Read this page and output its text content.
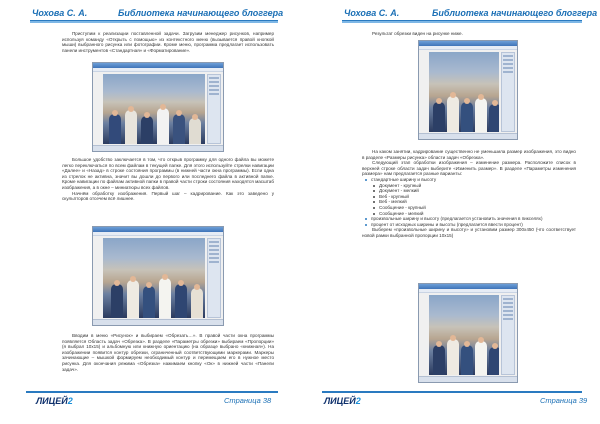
Чохова С. А.	Библиотека начинающего блоггера

Приступим к реализации поставленной задачи. Загрузим менеджер рисунков, например используя команду «Открыть с помощью» из контекстного меню (вызывается правой кнопкой мыши) выбранного рисунка или фотографии. Кроме меню, программа предлагает использовать панели инструментов «Стандартная» и «Форматирование».

Большое удобство заключается в том, что открыв программу для одного файла вы можете легко переключаться по всем файлам в текущей папке. Для этого используйте стрелки навигации «Далее» и «Назад» в строке состояния программы (в нижней части окна программы). Если одна из стрелок не активна, значит вы дошли до первого или последнего файла в активной папке. Кроме навигации по файлам активной папки в правой части строки состояния находятся масштаб изображения, а в окне – миниатюры всех файлов.

Начнём обработку изображения. Первый шаг – кадрирование. Как это заведено у скульпторов отсечем всё лишнее.

Вводим в меню «Рисунок» и выбираем «Обрезать…». В правой части окна программы появляется Область задач «Обрезка». В разделе «Параметры обрезки» выбираем «Пропорции» (я выбрал 10x15) и альбомную или книжную ориентацию (на образце выбрано «книжная»). На изображении появится контур обрезки, ограниченный соответствующими маркерами. Маркеры зачинающие – мышкой формируем необходимый контур и перемещаем его в нужное место рисунка. Для окончания режима «Обрезка» нажимаем кнопку «Ок» в нижней части «Панели задач».

ЛИЦЕЙ2	Страница 38
Чохова С. А.	Библиотека начинающего блоггера

Результат обрезки виден на рисунке ниже.

На каком занятии, кадрирование существенно не уменьшила размер изображения, это видно в разделе «Размеры рисунка» области задач «Обрезка».

Следующий этап обработки изображения – изменение размера. Расположите список в верхней строке области задач выберите «Изменить размер». В разделе «Параметры изменения размера» нам предлагается разные варианты:

стандартные ширину и высоту
Документ - крупный
Документ - мелкий
Веб - крупный
Веб - мелкий
Сообщение - крупный
Сообщение - мелкий
произвольные ширину и высоту (предлагается установить значения в пикселях)
процент от исходных ширины и высоты (предлагается ввести процент)

Выберем «произвольные ширину и высоту» и установим размер 300x450 (что соответствует новой рамки выбранной пропорции 10x15)

ЛИЦЕЙ2	Страница 39
